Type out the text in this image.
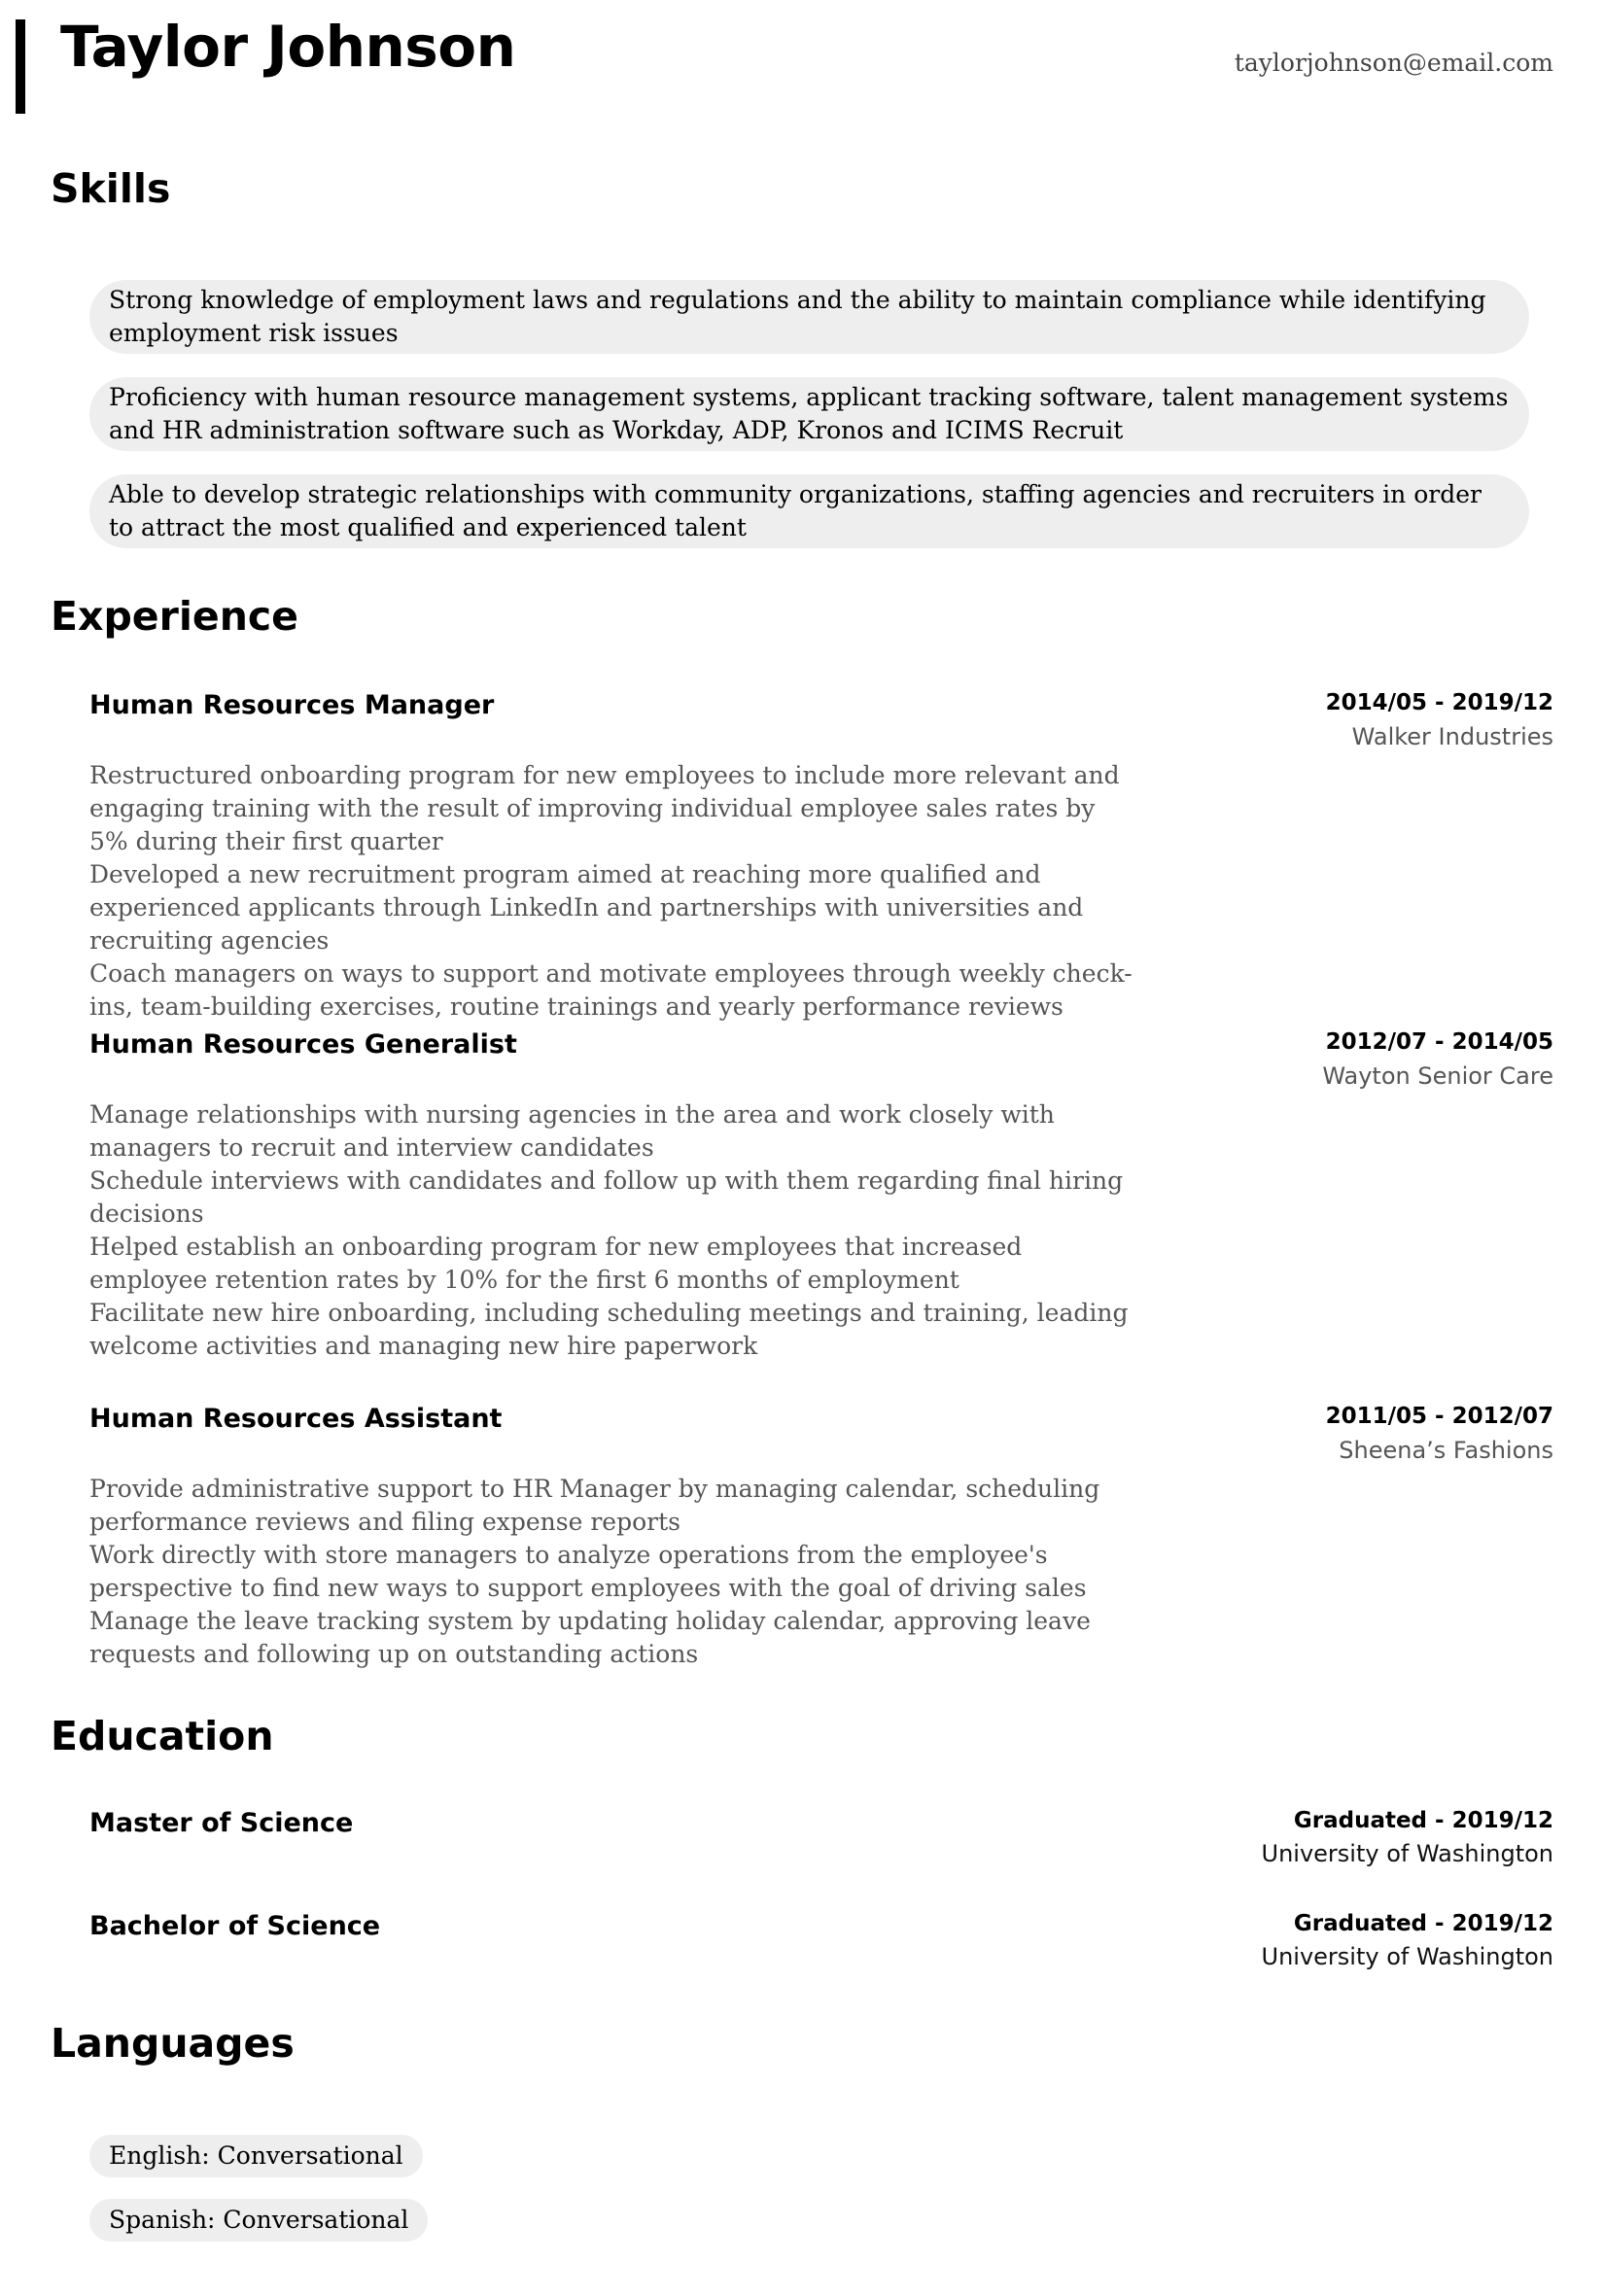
Taylor Johnson	taylorjohnson@email.com
Skills
Strong knowledge of employment laws and regulations and the ability to maintain compliance while identifying employment risk issues
Proficiency with human resource management systems, applicant tracking software, talent management systems and HR administration software such as Workday, ADP, Kronos and ICIMS Recruit
Able to develop strategic relationships with community organizations, staffing agencies and recruiters in order to attract the most qualified and experienced talent
Experience
Human Resources Manager	2014/05 - 2019/12
Walker Industries

Restructured onboarding program for new employees to include more relevant and engaging training with the result of improving individual employee sales rates by 5% during their first quarter

Developed a new recruitment program aimed at reaching more qualified and experienced applicants through LinkedIn and partnerships with universities and recruiting agencies

Coach managers on ways to support and motivate employees through weekly check-ins, team-building exercises, routine trainings and yearly performance reviews

Human Resources Generalist	2012/07 - 2014/05
Wayton Senior Care

Manage relationships with nursing agencies in the area and work closely with managers to recruit and interview candidates

Schedule interviews with candidates and follow up with them regarding final hiring decisions

Helped establish an onboarding program for new employees that increased employee retention rates by 10% for the first 6 months of employment

Facilitate new hire onboarding, including scheduling meetings and training, leading welcome activities and managing new hire paperwork

Human Resources Assistant	2011/05 - 2012/07
Sheena’s Fashions

Provide administrative support to HR Manager by managing calendar, scheduling performance reviews and filing expense reports

Work directly with store managers to analyze operations from the employee's perspective to find new ways to support employees with the goal of driving sales

Manage the leave tracking system by updating holiday calendar, approving leave requests and following up on outstanding actions

Education
Master of Science	Graduated - 2019/12
University of Washington
Bachelor of Science	Graduated - 2019/12
University of Washington
Languages
English: Conversational
Spanish: Conversational
